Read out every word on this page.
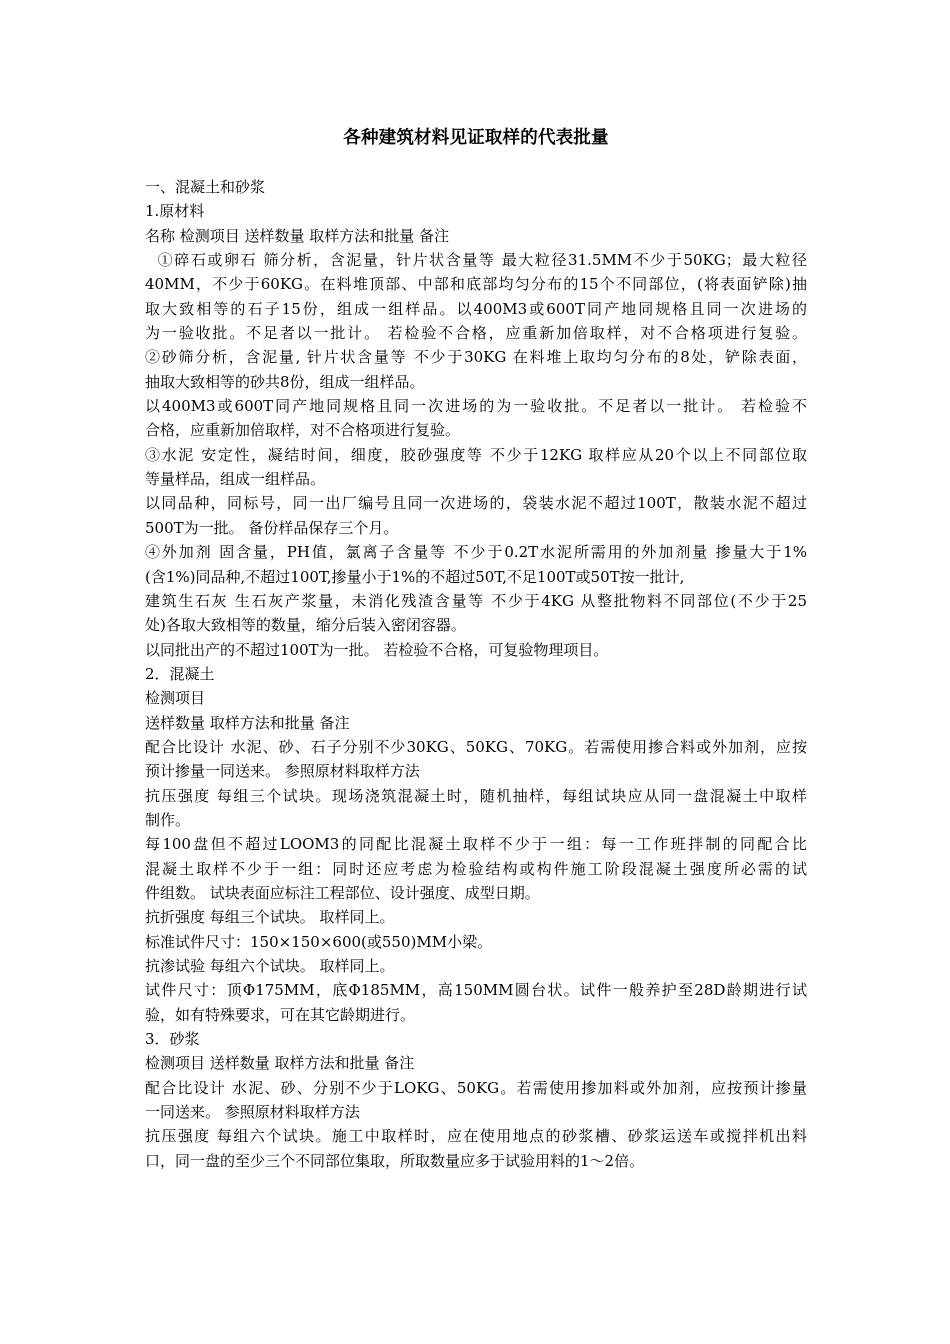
各种建筑材料见证取样的代表批量
一、混凝土和砂浆
1.原材料
名称 检测项目 送样数量 取样方法和批量 备注
①碎石或卵石 筛分析，含泥量，针片状含量等 最大粒径31.5MM不少于50KG；最大粒径
40MM，不少于60KG。在料堆顶部、中部和底部均匀分布的15个不同部位，(将表面铲除)抽
取大致相等的石子15份，组成一组样品。以400M3或600T同产地同规格且同一次进场的
为一验收批。不足者以一批计。 若检验不合格，应重新加倍取样，对不合格项进行复验。
②砂筛分析，含泥量, 针片状含量等 不少于30KG 在料堆上取均匀分布的8处，铲除表面，
抽取大致相等的砂共8份，组成一组样品。
以400M3或600T同产地同规格且同一次进场的为一验收批。不足者以一批计。 若检验不
合格，应重新加倍取样，对不合格项进行复验。
③水泥 安定性，凝结时间，细度，胶砂强度等 不少于12KG 取样应从20个以上不同部位取
等量样品，组成一组样品。
以同品种，同标号，同一出厂编号且同一次进场的，袋装水泥不超过100T，散装水泥不超过
500T为一批。 备份样品保存三个月。
④外加剂 固含量，PH值，氯离子含量等 不少于0.2T水泥所需用的外加剂量 掺量大于1%
(含1%)同品种,不超过100T,掺量小于1%的不超过50T,不足100T或50T按一批计,
建筑生石灰 生石灰产浆量，未消化残渣含量等 不少于4KG 从整批物料不同部位(不少于25
处)各取大致相等的数量，缩分后装入密闭容器。
以同批出产的不超过100T为一批。 若检验不合格，可复验物理项目。
2．混凝土
检测项目
送样数量 取样方法和批量 备注
配合比设计 水泥、砂、石子分别不少30KG、50KG、70KG。若需使用掺合料或外加剂，应按
预计掺量一同送来。 参照原材料取样方法
抗压强度 每组三个试块。现场浇筑混凝土时，随机抽样，每组试块应从同一盘混凝土中取样
制作。
每100盘但不超过LOOM3的同配比混凝土取样不少于一组：每一工作班拌制的同配合比
混凝土取样不少于一组：同时还应考虑为检验结构或构件施工阶段混凝土强度所必需的试
件组数。 试块表面应标注工程部位、设计强度、成型日期。
抗折强度 每组三个试块。 取样同上。
标准试件尺寸：150×150×600(或550)MM小梁。
抗渗试验 每组六个试块。 取样同上。
试件尺寸：顶Φ175MM，底Φ185MM，高150MM圆台状。试件一般养护至28D龄期进行试
验，如有特殊要求，可在其它龄期进行。
3．砂浆
检测项目 送样数量 取样方法和批量 备注
配合比设计 水泥、砂、分别不少于LOKG、50KG。若需使用掺加料或外加剂，应按预计掺量
一同送来。 参照原材料取样方法
抗压强度 每组六个试块。施工中取样时，应在使用地点的砂浆槽、砂浆运送车或搅拌机出料
口，同一盘的至少三个不同部位集取，所取数量应多于试验用料的1～2倍。
